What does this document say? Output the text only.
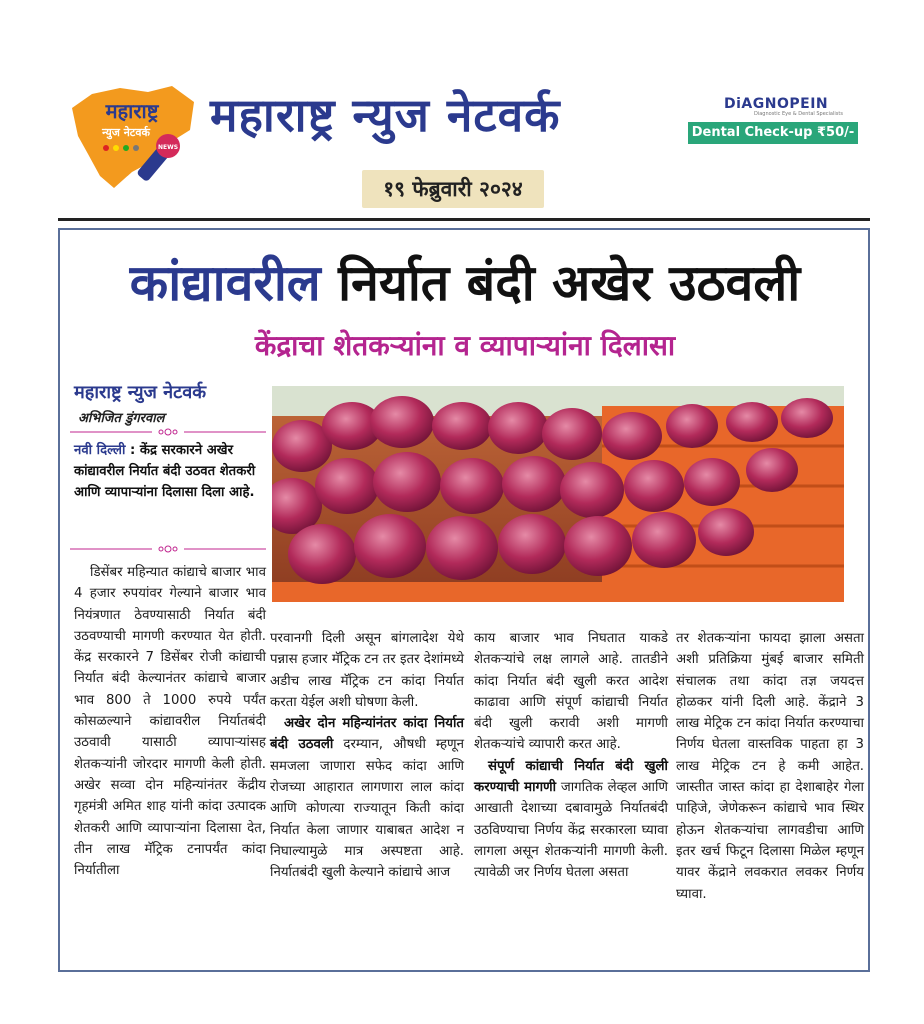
महाराष्ट्र
न्युज नेटवर्क
NEWS
महाराष्ट्र न्युज नेटवर्क
१९ फेब्रुवारी २०२४
DiAGNOPEIN
Diagnostic Eye & Dental Specialists
Dental Check-up ₹50/-
कांद्यावरील निर्यात बंदी अखेर उठवली
केंद्राचा शेतकऱ्यांना व व्यापाऱ्यांना दिलासा
महाराष्ट्र न्युज नेटवर्क
अभिजित डुंगरवाल
नवी दिल्ली : केंद्र सरकारने अखेर कांद्यावरील निर्यात बंदी उठवत शेतकरी आणि व्यापाऱ्यांना दिलासा दिला आहे.
डिसेंबर महिन्यात कांद्याचे बाजार भाव 4 हजार रुपयांवर गेल्याने बाजार भाव नियंत्रणात ठेवण्यासाठी निर्यात बंदी उठवण्याची मागणी करण्यात येत होती. केंद्र सरकारने 7 डिसेंबर रोजी कांद्याची निर्यात बंदी केल्यानंतर कांद्याचे बाजार भाव 800 ते 1000 रुपये पर्यंत कोसळल्याने कांद्यावरील निर्यातबंदी उठवावी यासाठी व्यापाऱ्यांसह शेतकऱ्यांनी जोरदार मागणी केली होती. अखेर सव्वा दोन महिन्यांनंतर केंद्रीय गृहमंत्री अमित शाह यांनी कांदा उत्पादक शेतकरी आणि व्यापाऱ्यांना दिलासा देत, तीन लाख मॅट्रिक टनापर्यंत कांदा निर्यातीला
परवानगी दिली असून बांगलादेश येथे पन्नास हजार मॅट्रिक टन तर इतर देशांमध्ये अडीच लाख मॅट्रिक टन कांदा निर्यात करता येईल अशी घोषणा केली.
अखेर दोन महिन्यांनंतर कांदा निर्यात बंदी उठवली दरम्यान, औषधी म्हणून समजला जाणारा सफेद कांदा आणि रोजच्या आहारात लागणारा लाल कांदा आणि कोणत्या राज्यातून किती कांदा निर्यात केला जाणार याबाबत आदेश न निघाल्यामुळे मात्र अस्पष्टता आहे. निर्यातबंदी खुली केल्याने कांद्याचे आज
काय बाजार भाव निघतात याकडे शेतकऱ्यांचे लक्ष लागले आहे. तातडीने कांदा निर्यात बंदी खुली करत आदेश काढावा आणि संपूर्ण कांद्याची निर्यात बंदी खुली करावी अशी मागणी शेतकऱ्यांचे व्यापारी करत आहे.
संपूर्ण कांद्याची निर्यात बंदी खुली करण्याची मागणी जागतिक लेव्हल आणि आखाती देशाच्या दबावामुळे निर्यातबंदी उठविण्याचा निर्णय केंद्र सरकारला घ्यावा लागला असून शेतकऱ्यांनी मागणी केली. त्यावेळी जर निर्णय घेतला असता
तर शेतकऱ्यांना फायदा झाला असता अशी प्रतिक्रिया मुंबई बाजार समिती संचालक तथा कांदा तज्ञ जयदत्त होळकर यांनी दिली आहे. केंद्राने 3 लाख मेट्रिक टन कांदा निर्यात करण्याचा निर्णय घेतला वास्तविक पाहता हा 3 लाख मेट्रिक टन हे कमी आहेत. जास्तीत जास्त कांदा हा देशाबाहेर गेला पाहिजे, जेणेकरून कांद्याचे भाव स्थिर होऊन शेतकऱ्यांचा लागवडीचा आणि इतर खर्च फिटून दिलासा मिळेल म्हणून यावर केंद्राने लवकरात लवकर निर्णय घ्यावा.
